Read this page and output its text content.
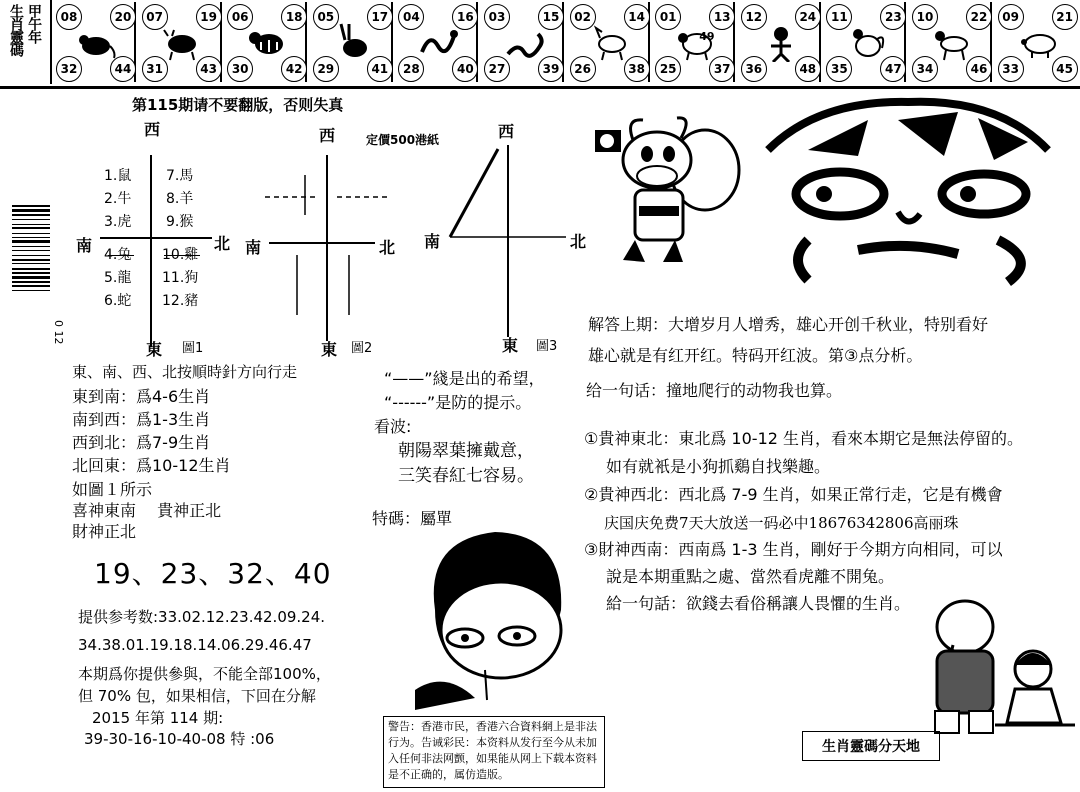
生肖靈碼 甲午年	08	20
32	44
07	19
31	43
06	18
30	42
05	17
29	41
04	16
28	40
03	15
27	39
02	14
26	38
01	13
25	37
49
12	24
36	48
11	23
35	47
10	22
34	46
09	21
33	45
第115期请不要翻版，否则失真
定價500港紙
0 12
西
南	北
1.鼠
2.牛
3.虎
4.兔
5.龍
6.蛇
7.馬
8.羊
9.猴
10.雞
11.狗
12.豬
東 圖1
西
南	北
東 圖2
西
南	北
東 圖3
解答上期：大增岁月人增秀，雄心开创千秋业，特别看好
雄心就是有红开红。特码开红波。第③点分析。
给一句话：撞地爬行的动物我也算。
①貴神東北：東北爲 10-12 生肖，看來本期它是無法停留的。
如有就衹是小狗抓鷄自找樂趣。
②貴神西北：西北爲 7-9 生肖，如果正常行走，它是有機會
庆国庆免费7天大放送一码必中18676342806高丽珠
③財神西南：西南爲 1-3 生肖，剛好于今期方向相同，可以
說是本期重點之處、當然看虎離不開兔。
給一句話：欲錢去看俗稱讓人畏懼的生肖。
東、南、西、北按順時針方向行走
東到南：爲4-6生肖
南到西：爲1-3生肖
西到北：爲7-9生肖
北回東：爲10-12生肖
如圖１所示
喜神東南　 貴神正北
財神正北
19、23、32、40
提供参考数:33.02.12.23.42.09.24.
34.38.01.19.18.14.06.29.46.47
本期爲你提供參與，不能全部100%，
但 70% 包，如果相信，下回在分解
2015 年第 114 期:
39-30-16-10-40-08 特 :06
“——”綫是出的希望，
“------”是防的提示。
看波:
朝陽翠葉擁戴意，
三笑春紅七容易。
特碼：屬單
警告：香港市民，香港六合資料網上是非法行为。告诫彩民：本资料从发行至今从未加入任何非法网颤，如果能从网上下载本资料是不正确的，属仿造版。
生肖靈碼分天地
